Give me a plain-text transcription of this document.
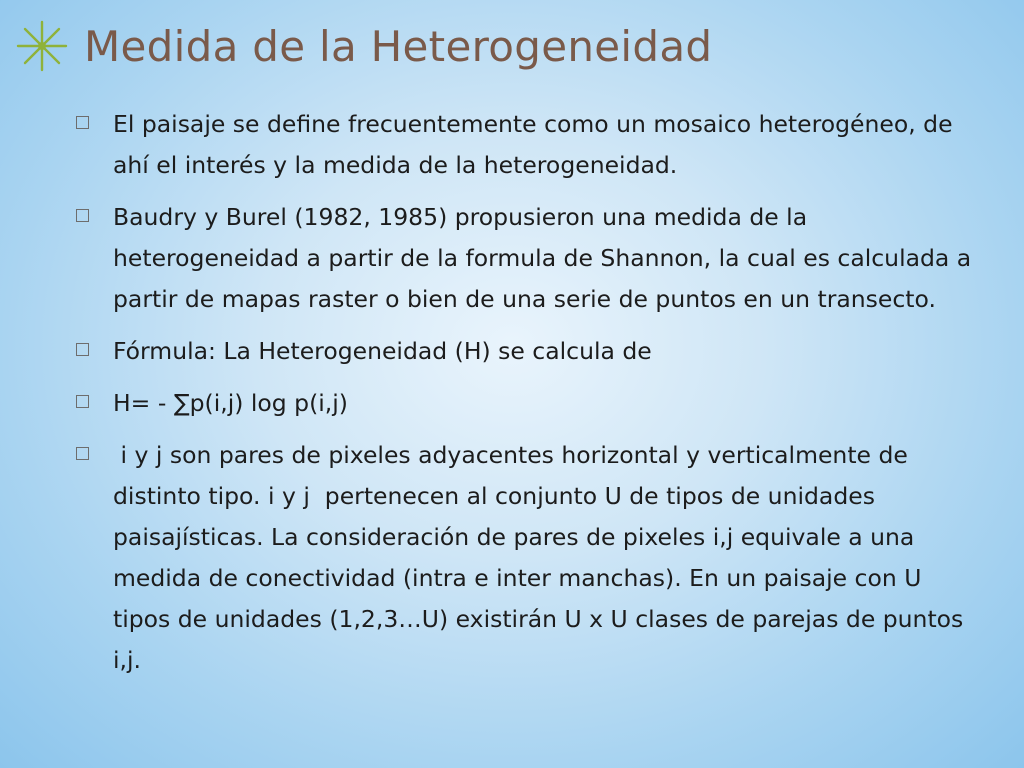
Medida de la Heterogeneidad
El paisaje se define frecuentemente como un mosaico heterogéneo, de ahí el interés y la medida de la heterogeneidad.
Baudry y Burel (1982, 1985) propusieron una medida de la heterogeneidad a partir de la formula de Shannon, la cual es calculada a partir de mapas raster o bien de una serie de puntos en un transecto.
Fórmula: La Heterogeneidad (H) se calcula de
H= - ∑p(i,j) log p(i,j)
i y j son pares de pixeles adyacentes horizontal y verticalmente de distinto tipo. i y j  pertenecen al conjunto U de tipos de unidades paisajísticas. La consideración de pares de pixeles i,j equivale a una medida de conectividad (intra e inter manchas). En un paisaje con U tipos de unidades (1,2,3…U) existirán U x U clases de parejas de puntos i,j.
